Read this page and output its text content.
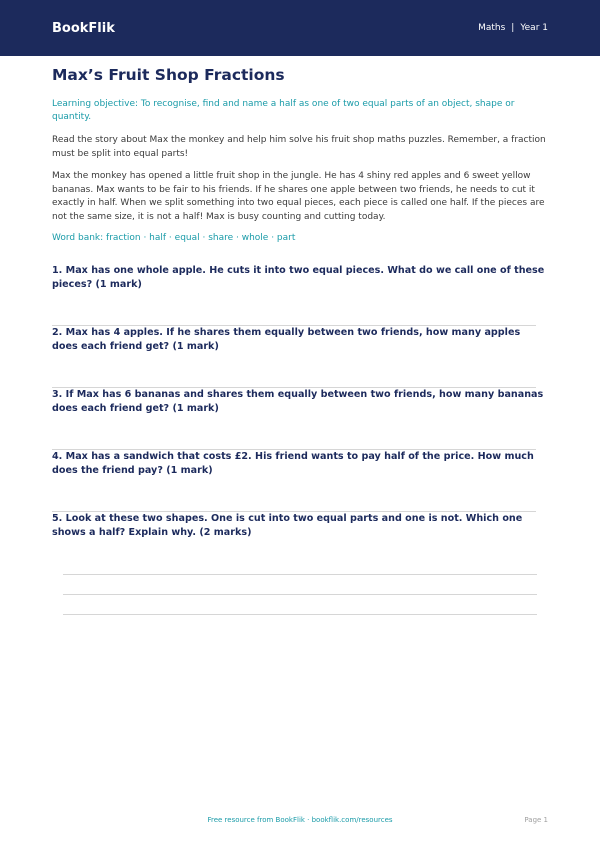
BookFlik	Maths | Year 1
Max’s Fruit Shop Fractions

Learning objective: To recognise, find and name a half as one of two equal parts of an object, shape or quantity.

Read the story about Max the monkey and help him solve his fruit shop maths puzzles. Remember, a fraction must be split into equal parts!

Max the monkey has opened a little fruit shop in the jungle. He has 4 shiny red apples and 6 sweet yellow bananas. Max wants to be fair to his friends. If he shares one apple between two friends, he needs to cut it exactly in half. When we split something into two equal pieces, each piece is called one half. If the pieces are not the same size, it is not a half! Max is busy counting and cutting today.

Word bank: fraction · half · equal · share · whole · part

1. Max has one whole apple. He cuts it into two equal pieces. What do we call one of these pieces? (1 mark)

2. Max has 4 apples. If he shares them equally between two friends, how many apples does each friend get? (1 mark)

3. If Max has 6 bananas and shares them equally between two friends, how many bananas does each friend get? (1 mark)

4. Max has a sandwich that costs £2. His friend wants to pay half of the price. How much does the friend pay? (1 mark)

5. Look at these two shapes. One is cut into two equal parts and one is not. Which one shows a half? Explain why. (2 marks)

Free resource from BookFlik · bookflik.com/resources	Page 1
